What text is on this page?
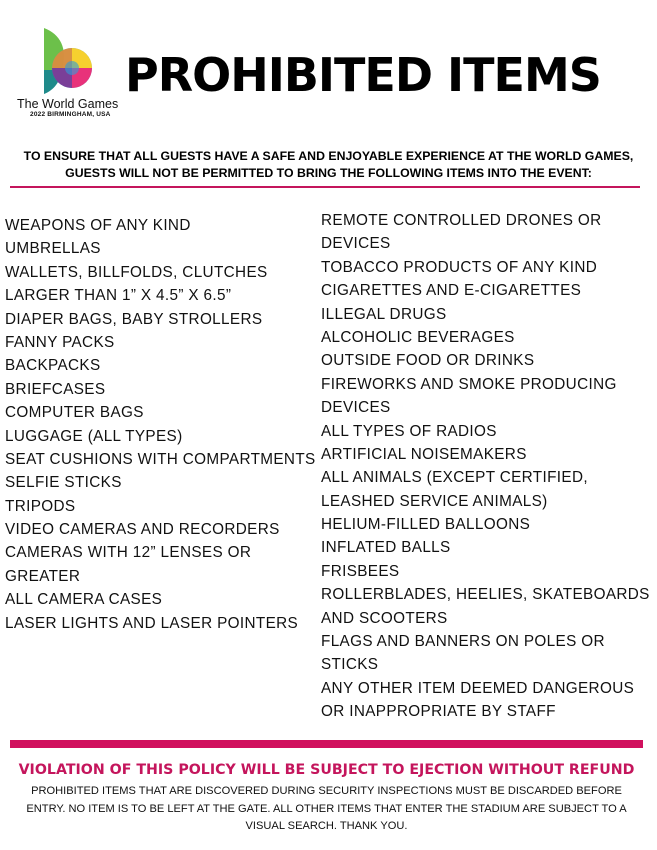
The World Games
2022 BIRMINGHAM, USA
PROHIBITED ITEMS
TO ENSURE THAT ALL GUESTS HAVE A SAFE AND ENJOYABLE EXPERIENCE AT THE WORLD GAMES,
GUESTS WILL NOT BE PERMITTED TO BRING THE FOLLOWING ITEMS INTO THE EVENT:
WEAPONS OF ANY KIND
UMBRELLAS
WALLETS, BILLFOLDS, CLUTCHES
LARGER THAN 1” X 4.5” X 6.5”
DIAPER BAGS, BABY STROLLERS
FANNY PACKS
BACKPACKS
BRIEFCASES
COMPUTER BAGS
LUGGAGE (ALL TYPES)
SEAT CUSHIONS WITH COMPARTMENTS
SELFIE STICKS
TRIPODS
VIDEO CAMERAS AND RECORDERS
CAMERAS WITH 12” LENSES OR
GREATER
ALL CAMERA CASES
LASER LIGHTS AND LASER POINTERS
REMOTE CONTROLLED DRONES OR
DEVICES
TOBACCO PRODUCTS OF ANY KIND
CIGARETTES AND E-CIGARETTES
ILLEGAL DRUGS
ALCOHOLIC BEVERAGES
OUTSIDE FOOD OR DRINKS
FIREWORKS AND SMOKE PRODUCING
DEVICES
ALL TYPES OF RADIOS
ARTIFICIAL NOISEMAKERS
ALL ANIMALS (EXCEPT CERTIFIED,
LEASHED SERVICE ANIMALS)
HELIUM-FILLED BALLOONS
INFLATED BALLS
FRISBEES
ROLLERBLADES, HEELIES, SKATEBOARDS
AND SCOOTERS
FLAGS AND BANNERS ON POLES OR
STICKS
ANY OTHER ITEM DEEMED DANGEROUS
OR INAPPROPRIATE BY STAFF
VIOLATION OF THIS POLICY WILL BE SUBJECT TO EJECTION WITHOUT REFUND
PROHIBITED ITEMS THAT ARE DISCOVERED DURING SECURITY INSPECTIONS MUST BE DISCARDED BEFORE
ENTRY. NO ITEM IS TO BE LEFT AT THE GATE. ALL OTHER ITEMS THAT ENTER THE STADIUM ARE SUBJECT TO A
VISUAL SEARCH. THANK YOU.
